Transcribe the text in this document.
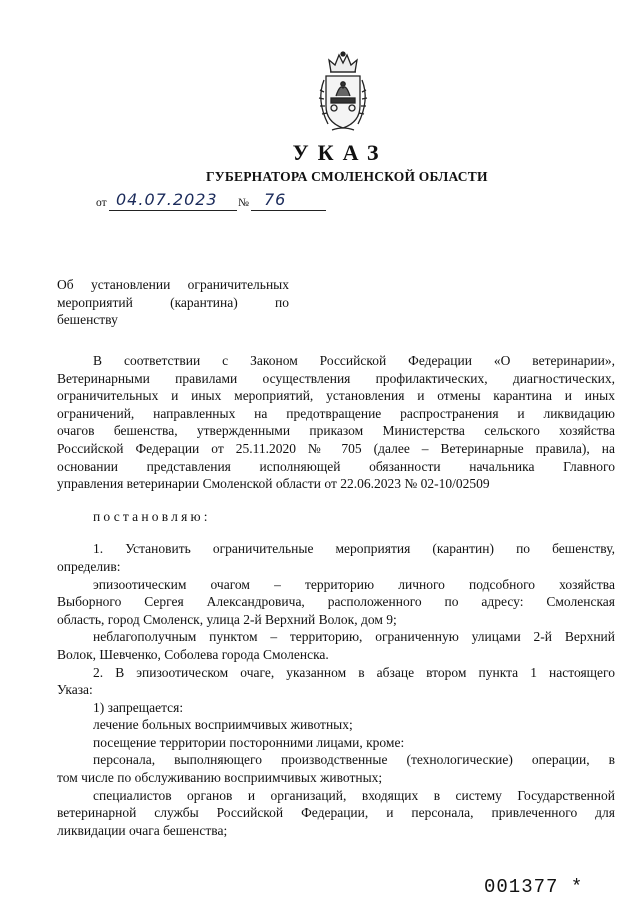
УКАЗ
ГУБЕРНАТОРА СМОЛЕНСКОЙ ОБЛАСТИ
от 04.07.2023 № 76
Об установлении ограничительных
мероприятий (карантина) по
бешенству
В соответствии с Законом Российской Федерации «О ветеринарии»,
Ветеринарными правилами осуществления профилактических, диагностических,
ограничительных и иных мероприятий, установления и отмены карантина и иных
ограничений, направленных на предотвращение распространения и ликвидацию
очагов бешенства, утвержденными приказом Министерства сельского хозяйства
Российской Федерации от 25.11.2020 № 705 (далее – Ветеринарные правила), на
основании представления исполняющей обязанности начальника Главного
управления ветеринарии Смоленской области от 22.06.2023 № 02-10/02509
постановляю:
1. Установить ограничительные мероприятия (карантин) по бешенству,
определив:
эпизоотическим очагом – территорию личного подсобного хозяйства
Выборного Сергея Александровича, расположенного по адресу: Смоленская
область, город Смоленск, улица 2-й Верхний Волок, дом 9;
неблагополучным пунктом – территорию, ограниченную улицами 2-й Верхний
Волок, Шевченко, Соболева города Смоленска.
2. В эпизоотическом очаге, указанном в абзаце втором пункта 1 настоящего
Указа:
1) запрещается:
лечение больных восприимчивых животных;
посещение территории посторонними лицами, кроме:
персонала, выполняющего производственные (технологические) операции, в
том числе по обслуживанию восприимчивых животных;
специалистов органов и организаций, входящих в систему Государственной
ветеринарной службы Российской Федерации, и персонала, привлеченного для
ликвидации очага бешенства;
001377 *
